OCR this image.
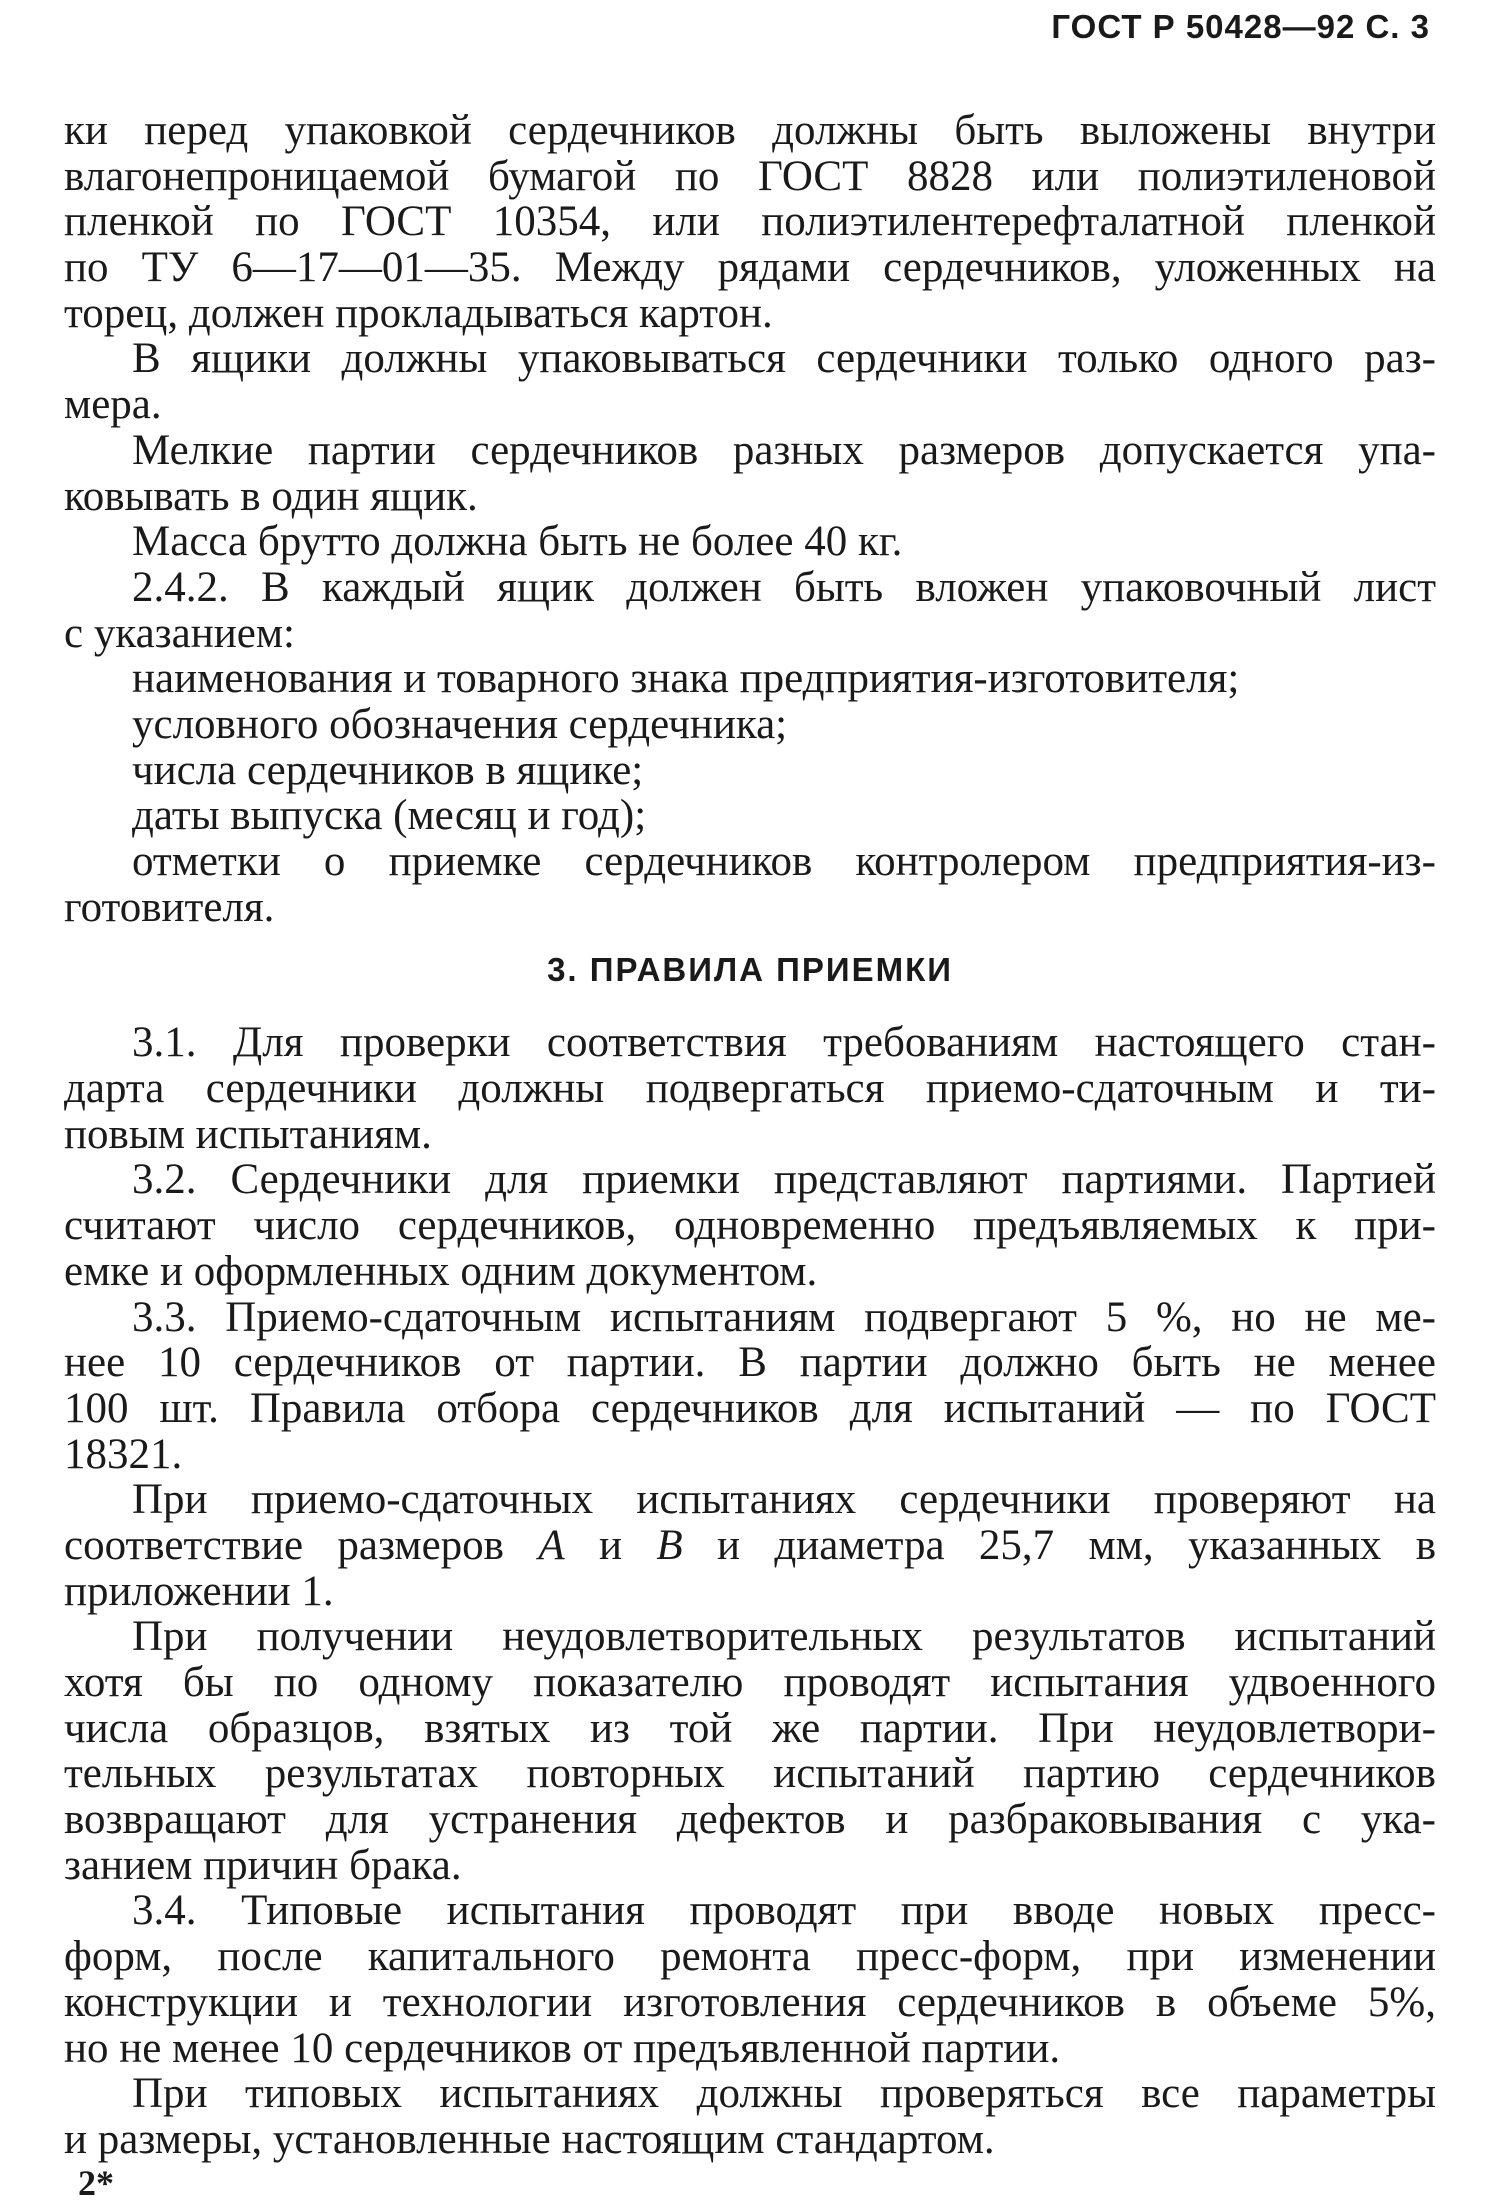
ГОСТ Р 50428—92 С. 3
ки перед упаковкой сердечников должны быть выложены внутри
влагонепроницаемой бумагой по ГОСТ 8828 или полиэтиленовой
пленкой по ГОСТ 10354, или полиэтилентерефталатной пленкой
по ТУ 6—17—01—35. Между рядами сердечников, уложенных на
торец, должен прокладываться картон.
В ящики должны упаковываться сердечники только одного раз-
мера.
Мелкие партии сердечников разных размеров допускается упа-
ковывать в один ящик.
Масса брутто должна быть не более 40 кг.
2.4.2. В каждый ящик должен быть вложен упаковочный лист
с указанием:
наименования и товарного знака предприятия-изготовителя;
условного обозначения сердечника;
числа сердечников в ящике;
даты выпуска (месяц и год);
отметки о приемке сердечников контролером предприятия-из-
готовителя.
3. ПРАВИЛА ПРИЕМКИ
3.1. Для проверки соответствия требованиям настоящего стан-
дарта сердечники должны подвергаться приемо-сдаточным и ти-
повым испытаниям.
3.2. Сердечники для приемки представляют партиями. Партией
считают число сердечников, одновременно предъявляемых к при-
емке и оформленных одним документом.
3.3. Приемо-сдаточным испытаниям подвергают 5 %, но не ме-
нее 10 сердечников от партии. В партии должно быть не менее
100 шт. Правила отбора сердечников для испытаний — по ГОСТ
18321.
При приемо-сдаточных испытаниях сердечники проверяют на
соответствие размеров А и В и диаметра 25,7 мм, указанных в
приложении 1.
При получении неудовлетворительных результатов испытаний
хотя бы по одному показателю проводят испытания удвоенного
числа образцов, взятых из той же партии. При неудовлетвори-
тельных результатах повторных испытаний партию сердечников
возвращают для устранения дефектов и разбраковывания с ука-
занием причин брака.
3.4. Типовые испытания проводят при вводе новых пресс-
форм, после капитального ремонта пресс-форм, при изменении
конструкции и технологии изготовления сердечников в объеме 5%,
но не менее 10 сердечников от предъявленной партии.
При типовых испытаниях должны проверяться все параметры
и размеры, установленные настоящим стандартом.
2*
